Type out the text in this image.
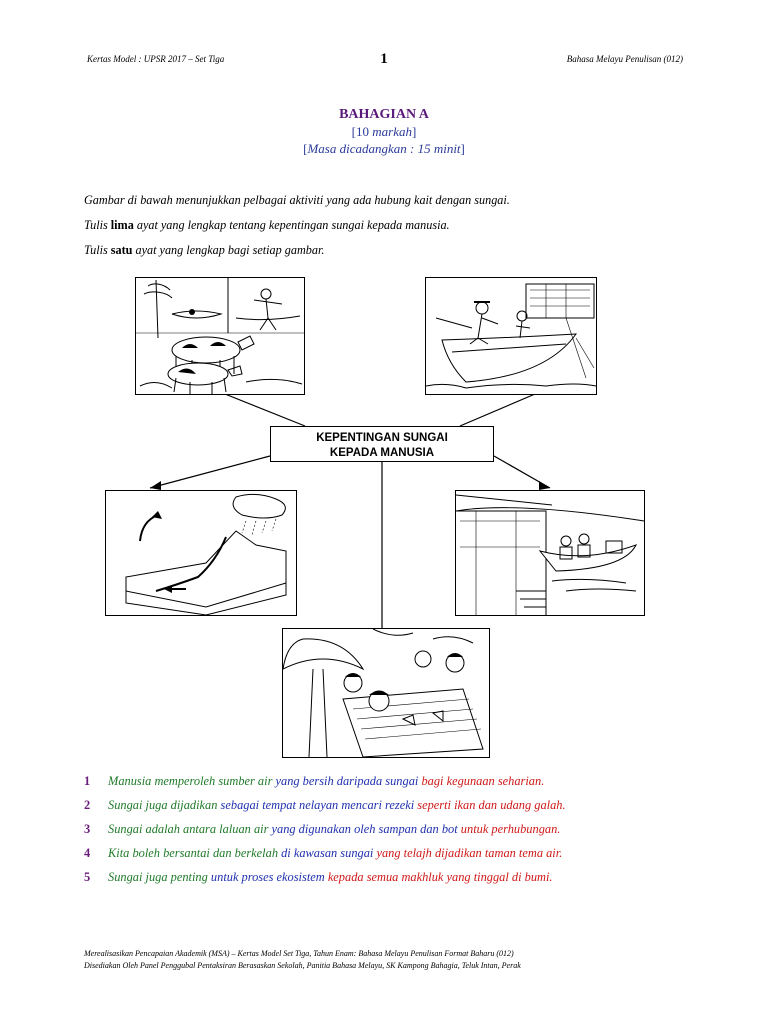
Kertas Model : UPSR 2017 – Set Tiga	1	Bahasa Melayu Penulisan (012)
BAHAGIAN A
[10 markah]
[Masa dicadangkan : 15 minit]
Gambar di bawah menunjukkan pelbagai aktiviti yang ada hubung kait dengan sungai.
Tulis lima ayat yang lengkap tentang kepentingan sungai kepada manusia.
Tulis satu ayat yang lengkap bagi setiap gambar.
KEPENTINGAN SUNGAI
KEPADA MANUSIA
1 Manusia memperoleh sumber air yang bersih daripada sungai bagi kegunaan seharian.
2 Sungai juga dijadikan sebagai tempat nelayan mencari rezeki seperti ikan dan udang galah.
3 Sungai adalah antara laluan air yang digunakan oleh sampan dan bot untuk perhubungan.
4 Kita boleh bersantai dan berkelah di kawasan sungai yang telajh dijadikan taman tema air.
5 Sungai juga penting untuk proses ekosistem kepada semua makhluk yang tinggal di bumi.
Merealisasikan Pencapaian Akademik (MSA) – Kertas Model Set Tiga, Tahun Enam: Bahasa Melayu Penulisan Format Baharu (012)
Disediakan Oleh Panel Penggubal Pentaksiran Berasaskan Sekolah, Panitia Bahasa Melayu, SK Kampong Bahagia, Teluk Intan, Perak
